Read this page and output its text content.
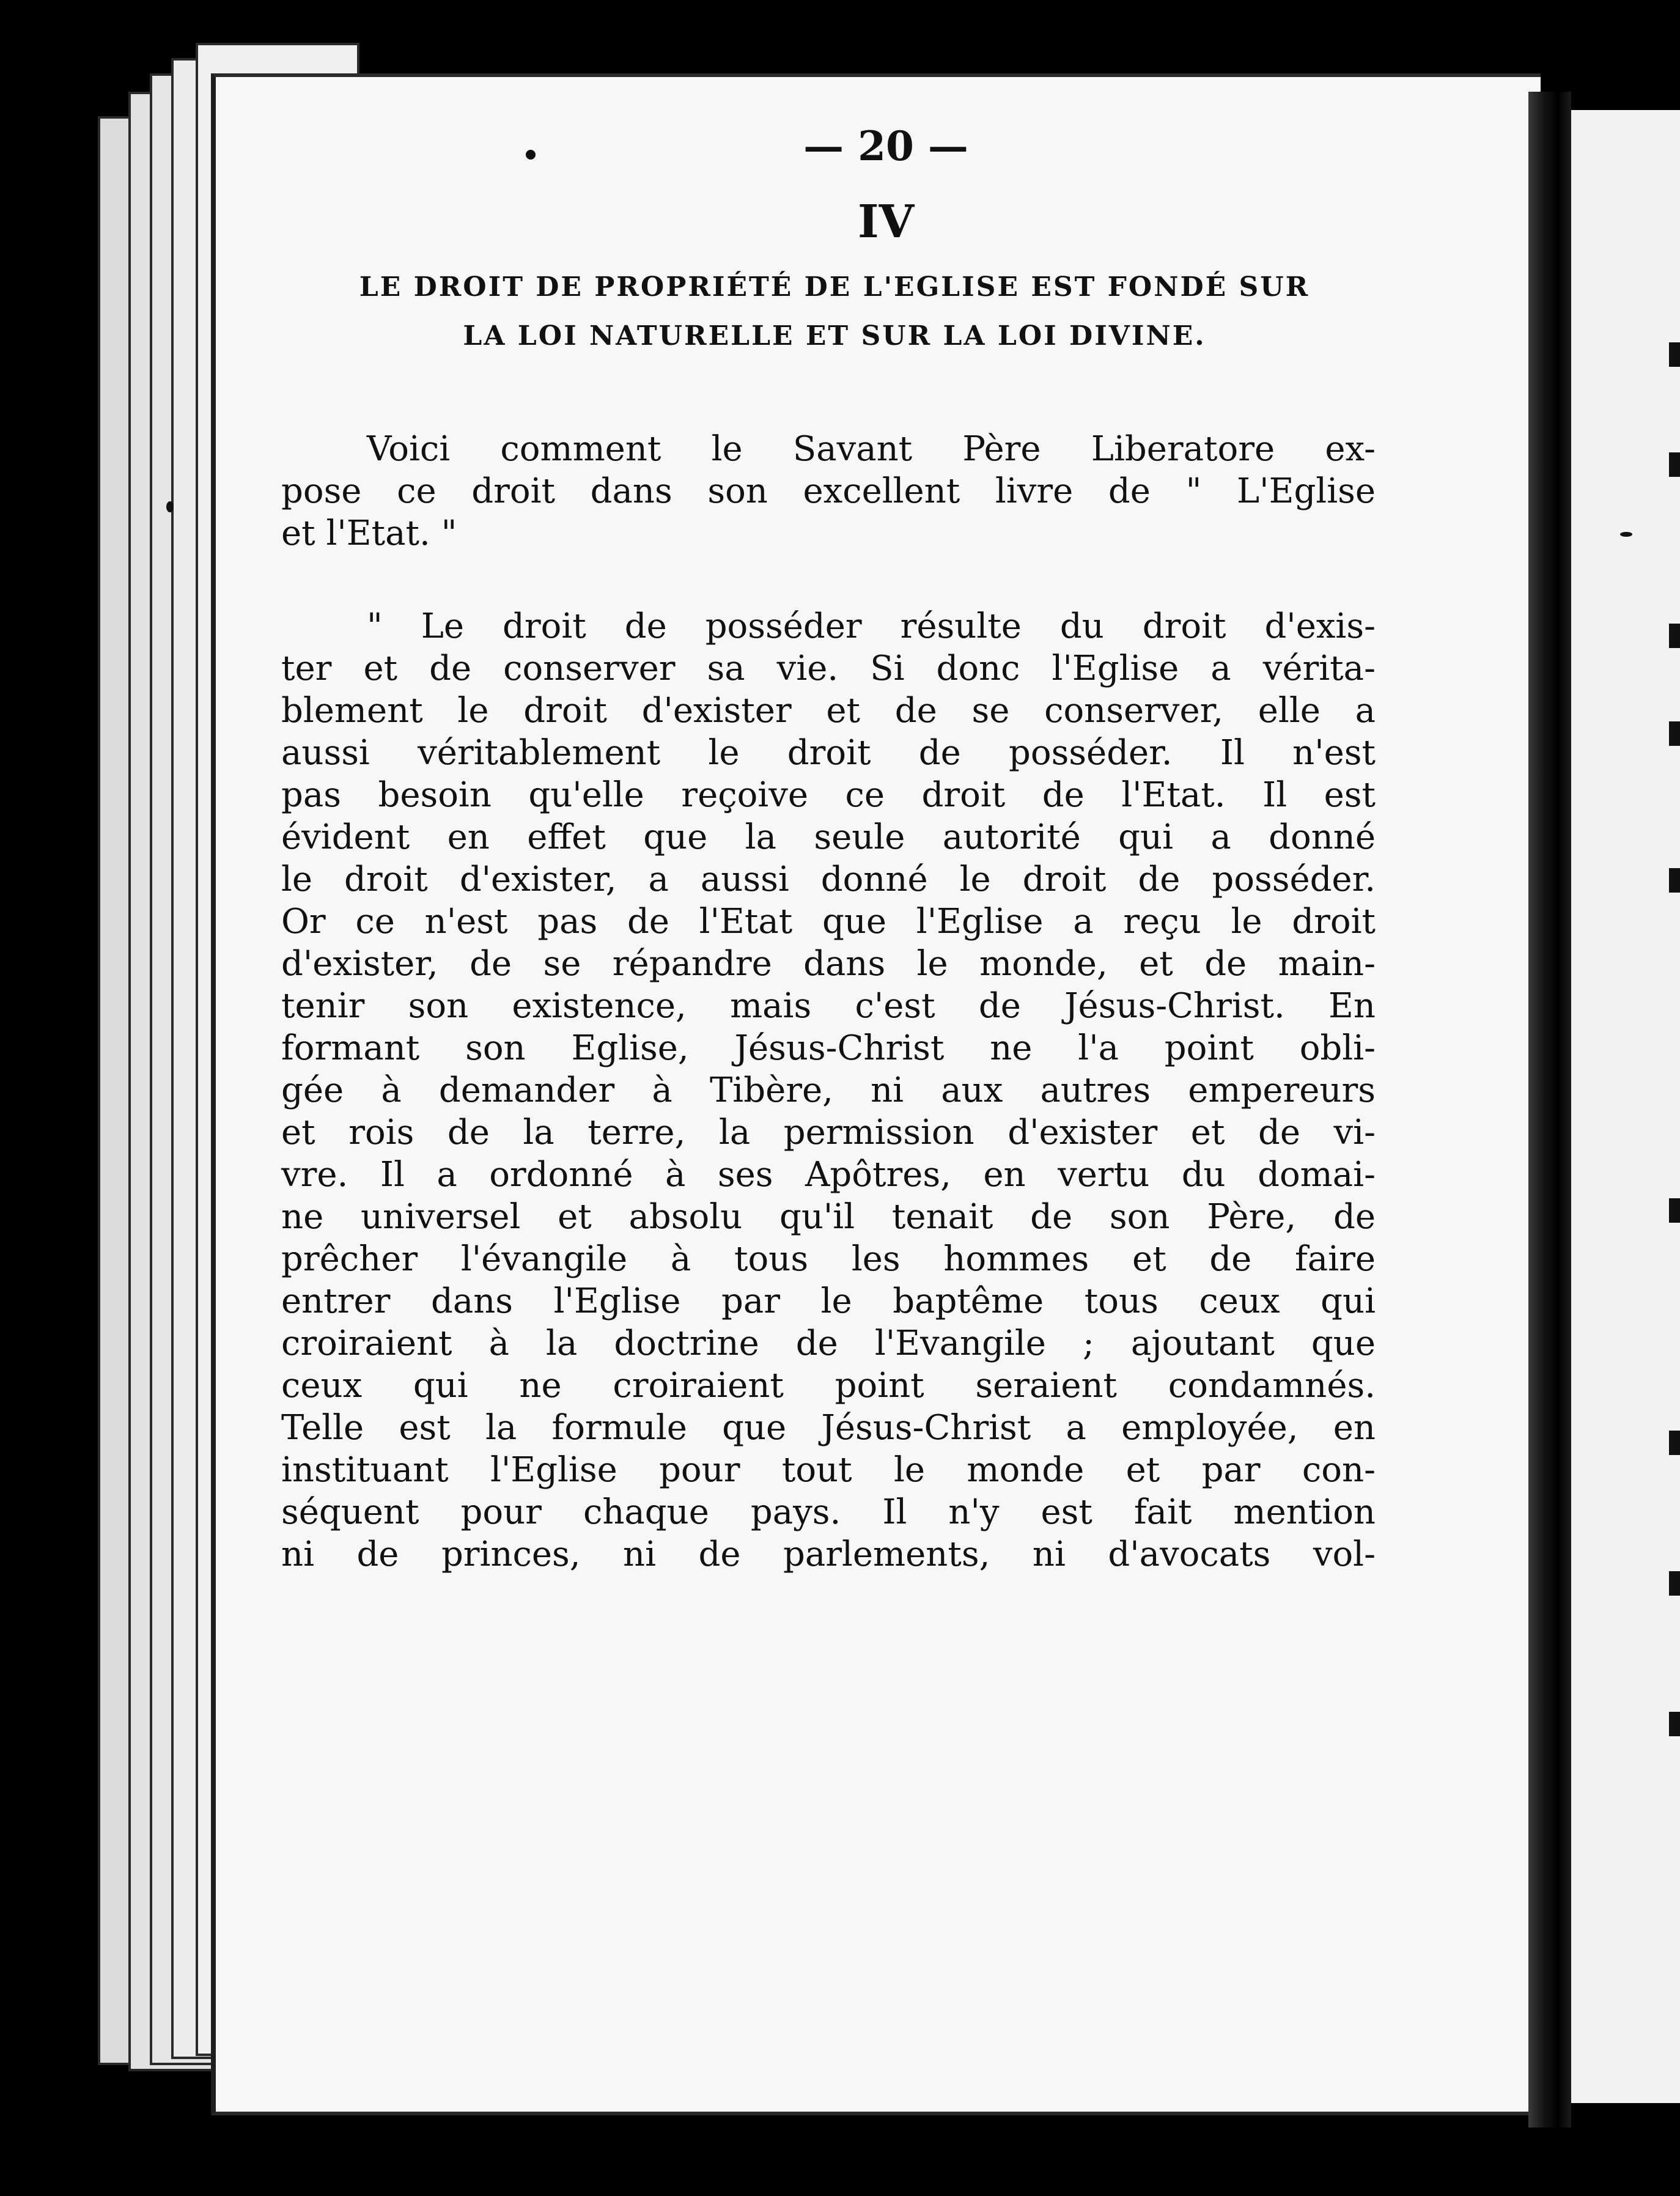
— 20 —
IV
LE DROIT DE PROPRIÉTÉ DE L'EGLISE EST FONDÉ SUR
LA LOI NATURELLE ET SUR LA LOI DIVINE.
Voici comment le Savant Père Liberatore ex-
pose ce droit dans son excellent livre de " L'Eglise
et l'Etat. "
" Le droit de posséder résulte du droit d'exis-
ter et de conserver sa vie. Si donc l'Eglise a vérita-
blement le droit d'exister et de se conserver, elle a
aussi véritablement le droit de posséder. Il n'est
pas besoin qu'elle reçoive ce droit de l'Etat. Il est
évident en effet que la seule autorité qui a donné
le droit d'exister, a aussi donné le droit de posséder.
Or ce n'est pas de l'Etat que l'Eglise a reçu le droit
d'exister, de se répandre dans le monde, et de main-
tenir son existence, mais c'est de Jésus-Christ. En
formant son Eglise, Jésus-Christ ne l'a point obli-
gée à demander à Tibère, ni aux autres empereurs
et rois de la terre, la permission d'exister et de vi-
vre. Il a ordonné à ses Apôtres, en vertu du domai-
ne universel et absolu qu'il tenait de son Père, de
prêcher l'évangile à tous les hommes et de faire
entrer dans l'Eglise par le baptême tous ceux qui
croiraient à la doctrine de l'Evangile ; ajoutant que
ceux qui ne croiraient point seraient condamnés.
Telle est la formule que Jésus-Christ a employée, en
instituant l'Eglise pour tout le monde et par con-
séquent pour chaque pays. Il n'y est fait mention
ni de princes, ni de parlements, ni d'avocats vol-
